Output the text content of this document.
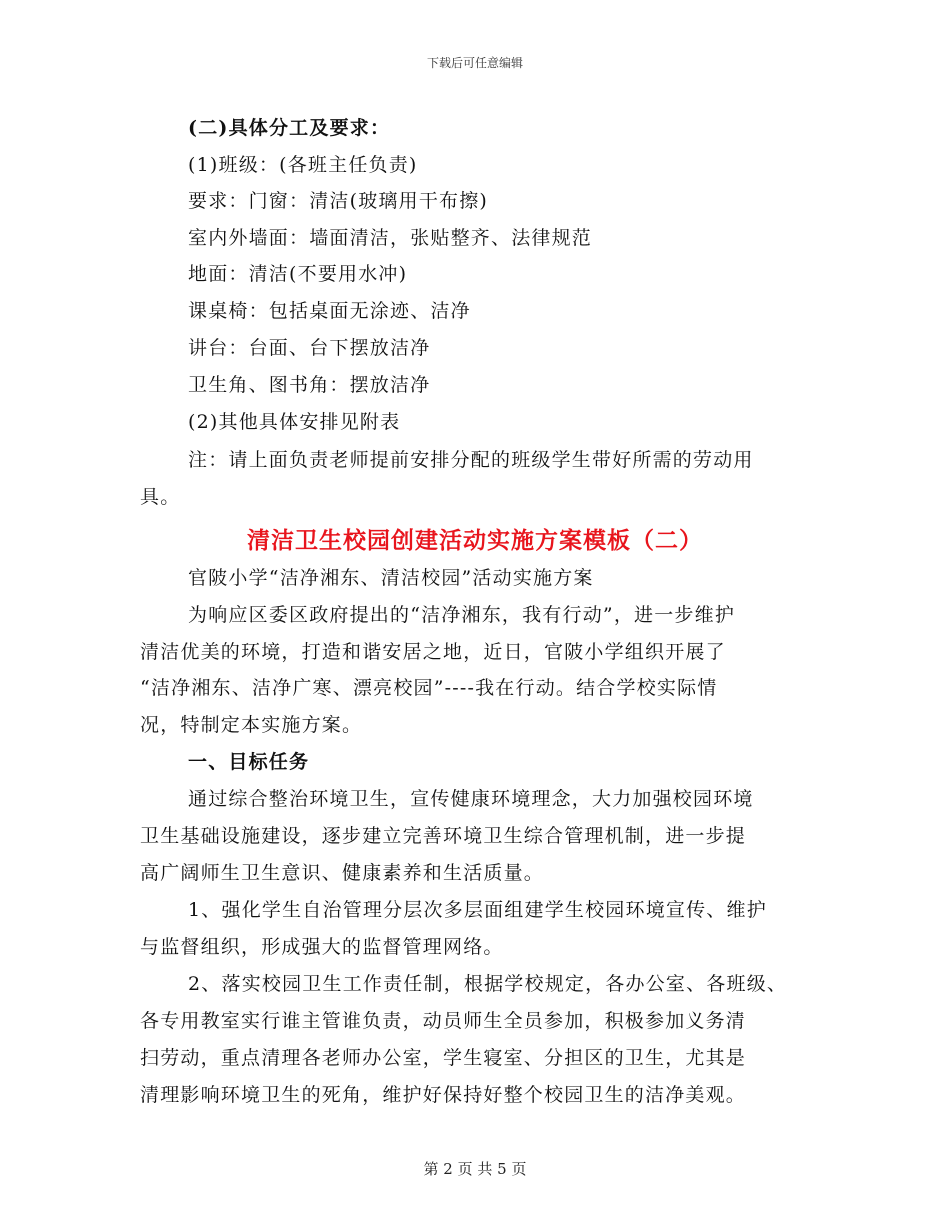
下载后可任意编辑
(二)具体分工及要求：
(1)班级：(各班主任负责)
要求：门窗：清洁(玻璃用干布擦)
室内外墙面：墙面清洁，张贴整齐、法律规范
地面：清洁(不要用水冲)
课桌椅：包括桌面无涂迹、洁净
讲台：台面、台下摆放洁净
卫生角、图书角：摆放洁净
(2)其他具体安排见附表
注：请上面负责老师提前安排分配的班级学生带好所需的劳动用
具。
清洁卫生校园创建活动实施方案模板（二）
官陂小学“洁净湘东、清洁校园”活动实施方案
为响应区委区政府提出的“洁净湘东，我有行动”，进一步维护
清洁优美的环境，打造和谐安居之地，近日，官陂小学组织开展了
“洁净湘东、洁净广寒、漂亮校园”----我在行动。结合学校实际情
况，特制定本实施方案。
一、目标任务
通过综合整治环境卫生，宣传健康环境理念，大力加强校园环境
卫生基础设施建设，逐步建立完善环境卫生综合管理机制，进一步提
高广阔师生卫生意识、健康素养和生活质量。
1、强化学生自治管理分层次多层面组建学生校园环境宣传、维护
与监督组织，形成强大的监督管理网络。
2、落实校园卫生工作责任制，根据学校规定，各办公室、各班级、
各专用教室实行谁主管谁负责，动员师生全员参加，积极参加义务清
扫劳动，重点清理各老师办公室，学生寝室、分担区的卫生，尤其是
清理影响环境卫生的死角，维护好保持好整个校园卫生的洁净美观。
第 2 页 共 5 页
